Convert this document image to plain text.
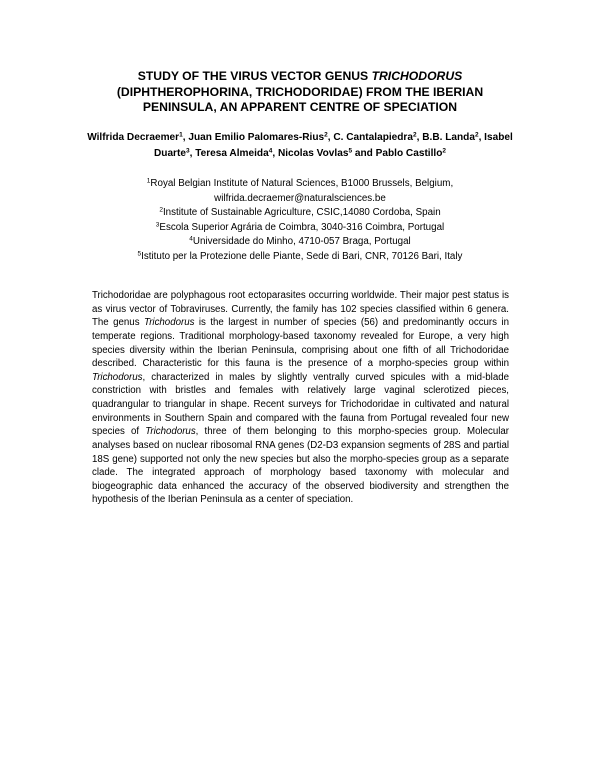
STUDY OF THE VIRUS VECTOR GENUS TRICHODORUS
(DIPHTHEROPHORINA, TRICHODORIDAE) FROM THE IBERIAN
PENINSULA, AN APPARENT CENTRE OF SPECIATION
Wilfrida Decraemer$^1$, Juan Emilio Palomares-Rius$^2$, C. Cantalapiedra$^2$, B.B. Landa$^2$, Isabel Duarte$^3$, Teresa Almeida$^4$, Nicolas Vovlas$^5$ and Pablo Castillo$^2$
$^1$Royal Belgian Institute of Natural Sciences, B1000 Brussels, Belgium,
wilfrida.decraemer@naturalsciences.be
$^2$Institute of Sustainable Agriculture, CSIC,14080 Cordoba, Spain
$^3$Escola Superior Agrária de Coimbra, 3040-316 Coimbra, Portugal
$^4$Universidade do Minho, 4710-057 Braga, Portugal
$^5$Istituto per la Protezione delle Piante, Sede di Bari, CNR, 70126 Bari, Italy
Trichodoridae are polyphagous root ectoparasites occurring worldwide. Their major pest status is as virus vector of Tobraviruses. Currently, the family has 102 species classified within 6 genera. The genus Trichodorus is the largest in number of species (56) and predominantly occurs in temperate regions. Traditional morphology-based taxonomy revealed for Europe, a very high species diversity within the Iberian Peninsula, comprising about one fifth of all Trichodoridae described. Characteristic for this fauna is the presence of a morpho-species group within Trichodorus, characterized in males by slightly ventrally curved spicules with a mid-blade constriction with bristles and females with relatively large vaginal sclerotized pieces, quadrangular to triangular in shape. Recent surveys for Trichodoridae in cultivated and natural environments in Southern Spain and compared with the fauna from Portugal revealed four new species of Trichodorus, three of them belonging to this morpho-species group. Molecular analyses based on nuclear ribosomal RNA genes (D2-D3 expansion segments of 28S and partial 18S gene) supported not only the new species but also the morpho-species group as a separate clade. The integrated approach of morphology based taxonomy with molecular and biogeographic data enhanced the accuracy of the observed biodiversity and strengthen the hypothesis of the Iberian Peninsula as a center of speciation.
